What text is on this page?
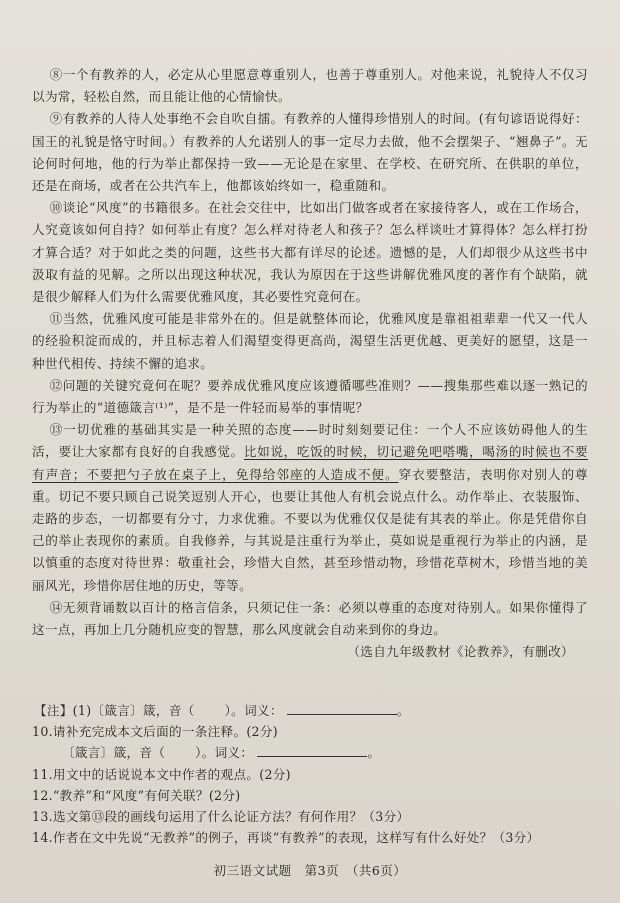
⑧一个有教养的人，必定从心里愿意尊重别人，也善于尊重别人。对他来说，礼貌待人不仅习以为常，轻松自然，而且能让他的心情愉快。

⑨有教养的人待人处事绝不会自吹自擂。有教养的人懂得珍惜别人的时间。(有句谚语说得好：国王的礼貌是恪守时间。）有教养的人允诺别人的事一定尽力去做，他不会摆架子、“翘鼻子”。无论何时何地，他的行为举止都保持一致——无论是在家里、在学校、在研究所、在供职的单位，还是在商场，或者在公共汽车上，他都该始终如一，稳重随和。

⑩谈论“风度”的书籍很多。在社会交往中，比如出门做客或者在家接待客人，或在工作场合，人究竟该如何自持？如何举止有度？怎么样对待老人和孩子？怎么样谈吐才算得体？怎么样打扮才算合适？对于如此之类的问题，这些书大都有详尽的论述。遗憾的是，人们却很少从这些书中汲取有益的见解。之所以出现这种状况，我认为原因在于这些讲解优雅风度的著作有个缺陷，就是很少解释人们为什么需要优雅风度，其必要性究竟何在。

⑪当然，优雅风度可能是非常外在的。但是就整体而论，优雅风度是靠祖祖辈辈一代又一代人的经验积淀而成的，并且标志着人们渴望变得更高尚，渴望生活更优越、更美好的愿望，这是一种世代相传、持续不懈的追求。

⑫问题的关键究竟何在呢？要养成优雅风度应该遵循哪些准则？——搜集那些难以逐一熟记的行为举止的“道德箴言⁽¹⁾”，是不是一件轻而易举的事情呢？

⑬一切优雅的基础其实是一种关照的态度——时时刻刻要记住：一个人不应该妨碍他人的生活，要让大家都有良好的自我感觉。比如说，吃饭的时候，切记避免吧嗒嘴，喝汤的时候也不要有声音；不要把勺子放在桌子上，免得给邻座的人造成不便。穿衣要整洁，表明你对别人的尊重。切记不要只顾自己说笑逗别人开心，也要让其他人有机会说点什么。动作举止、衣装服饰、走路的步态，一切都要有分寸，力求优雅。不要以为优雅仅仅是徒有其表的举止。你是凭借你自己的举止表现你的素质。自我修养，与其说是注重行为举止，莫如说是重视行为举止的内涵，是以慎重的态度对待世界：敬重社会，珍惜大自然，甚至珍惜动物，珍惜花草树木，珍惜当地的美丽风光，珍惜你居住地的历史，等等。

⑭无须背诵数以百计的格言信条，只须记住一条：必须以尊重的态度对待别人。如果你懂得了这一点，再加上几分随机应变的智慧，那么风度就会自动来到你的身边。

（选自九年级教材《论教养》，有删改）

【注】(1)〔箴言〕箴，音（ ）。词义：	。

10.请补充完成本文后面的一条注释。(2分)

〔箴言〕箴，音（ ）。词义：	。

11.用文中的话说说本文中作者的观点。(2分)

12.“教养”和“风度”有何关联？(2分)

13.选文第⑬段的画线句运用了什么论证方法？有何作用？（3分）

14.作者在文中先说“无教养”的例子，再谈“有教养”的表现，这样写有什么好处？（3分）

初三语文试题　第3页　（共6页）
